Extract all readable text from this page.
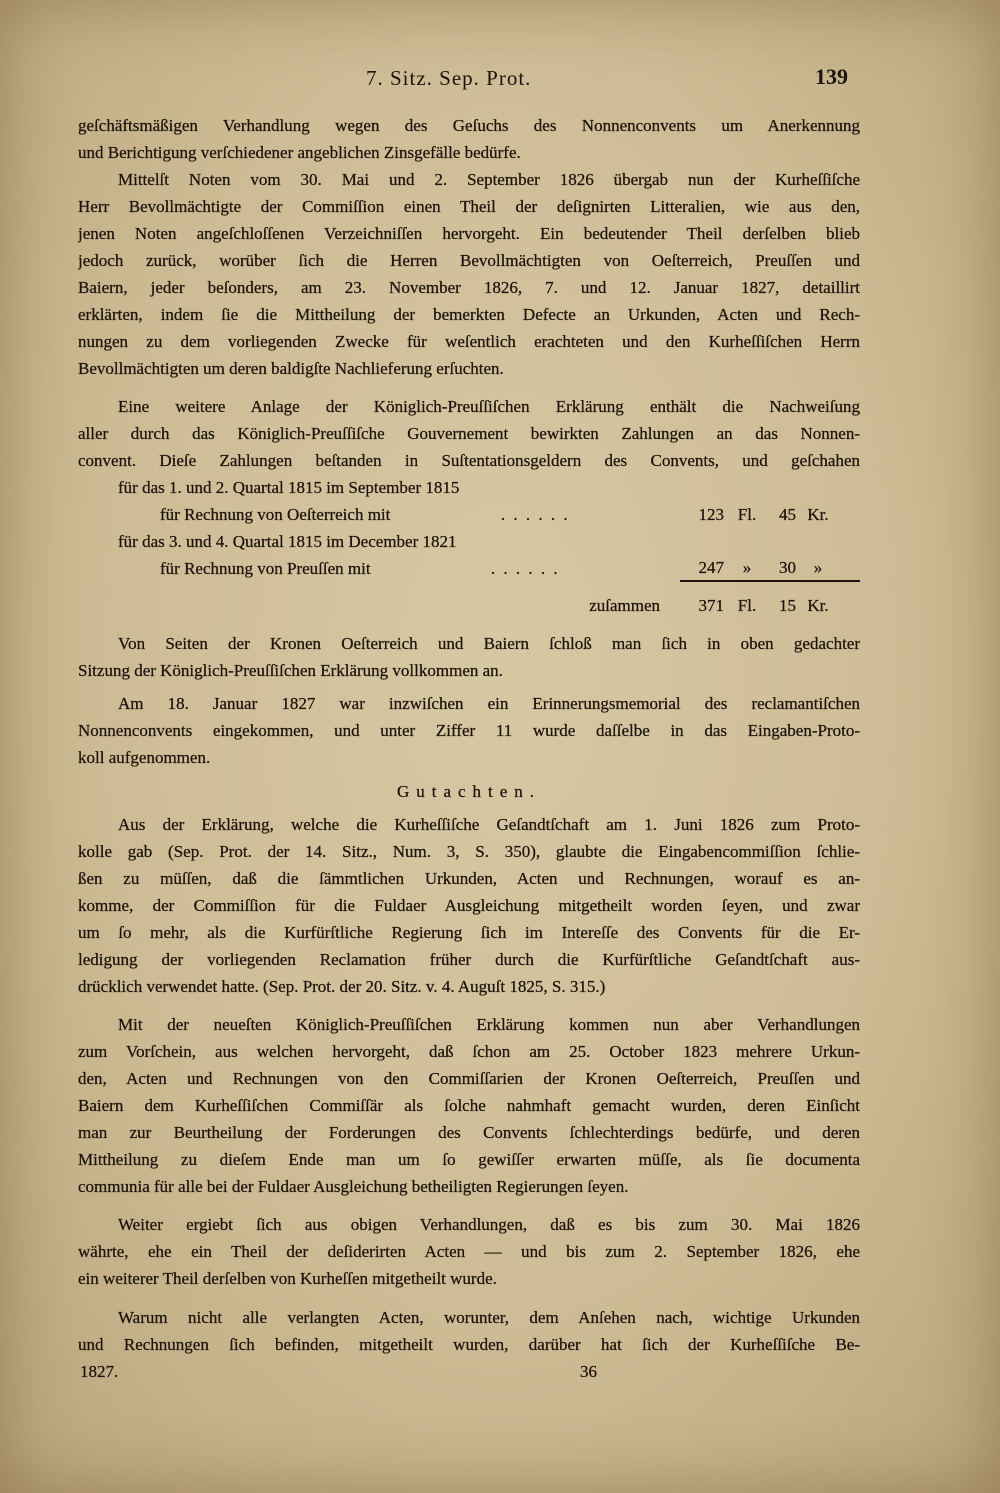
7. Sitz. Sep. Prot.	139
geſchäftsmäßigen Verhandlung wegen des Geſuchs des Nonnenconvents um Anerkennung
und Berichtigung verſchiedener angeblichen Zinsgefälle bedürfe.
Mittelſt Noten vom 30. Mai und 2. September 1826 übergab nun der Kurheſſiſche
Herr Bevollmächtigte der Commiſſion einen Theil der deſignirten Litteralien, wie aus den,
jenen Noten angeſchloſſenen Verzeichniſſen hervorgeht. Ein bedeutender Theil derſelben blieb
jedoch zurück, worüber ſich die Herren Bevollmächtigten von Oeſterreich, Preuſſen und
Baiern, jeder beſonders, am 23. November 1826, 7. und 12. Januar 1827, detaillirt
erklärten, indem ſie die Mittheilung der bemerkten Defecte an Urkunden, Acten und Rech-
nungen zu dem vorliegenden Zwecke für weſentlich erachteten und den Kurheſſiſchen Herrn
Bevollmächtigten um deren baldigſte Nachlieferung erſuchten.
Eine weitere Anlage der Königlich-Preuſſiſchen Erklärung enthält die Nachweiſung
aller durch das Königlich-Preuſſiſche Gouvernement bewirkten Zahlungen an das Nonnen-
convent. Dieſe Zahlungen beſtanden in Suſtentationsgeldern des Convents, und geſchahen
für das 1. und 2. Quartal 1815 im September 1815
für Rechnung von Oeſterreich mit	. . . . . .	123 Fl.	45 Kr.
für das 3. und 4. Quartal 1815 im December 1821
für Rechnung von Preuſſen mit	. . . . . .	247	»	30	»
zuſammen	371 Fl.	15 Kr.
Von Seiten der Kronen Oeſterreich und Baiern ſchloß man ſich in oben gedachter
Sitzung der Königlich-Preuſſiſchen Erklärung vollkommen an.
Am 18. Januar 1827 war inzwiſchen ein Erinnerungsmemorial des reclamantiſchen
Nonnenconvents eingekommen, und unter Ziffer 11 wurde daſſelbe in das Eingaben-Proto-
koll aufgenommen.
Gutachten.
Aus der Erklärung, welche die Kurheſſiſche Geſandtſchaft am 1. Juni 1826 zum Proto-
kolle gab (Sep. Prot. der 14. Sitz., Num. 3, S. 350), glaubte die Eingabencommiſſion ſchlie-
ßen zu müſſen, daß die ſämmtlichen Urkunden, Acten und Rechnungen, worauf es an-
komme, der Commiſſion für die Fuldaer Ausgleichung mitgetheilt worden ſeyen, und zwar
um ſo mehr, als die Kurfürſtliche Regierung ſich im Intereſſe des Convents für die Er-
ledigung der vorliegenden Reclamation früher durch die Kurfürſtliche Geſandtſchaft aus-
drücklich verwendet hatte. (Sep. Prot. der 20. Sitz. v. 4. Auguſt 1825, S. 315.)
Mit der neueſten Königlich-Preuſſiſchen Erklärung kommen nun aber Verhandlungen
zum Vorſchein, aus welchen hervorgeht, daß ſchon am 25. October 1823 mehrere Urkun-
den, Acten und Rechnungen von den Commiſſarien der Kronen Oeſterreich, Preuſſen und
Baiern dem Kurheſſiſchen Commiſſär als ſolche nahmhaft gemacht wurden, deren Einſicht
man zur Beurtheilung der Forderungen des Convents ſchlechterdings bedürfe, und deren
Mittheilung zu dieſem Ende man um ſo gewiſſer erwarten müſſe, als ſie documenta
communia für alle bei der Fuldaer Ausgleichung betheiligten Regierungen ſeyen.
Weiter ergiebt ſich aus obigen Verhandlungen, daß es bis zum 30. Mai 1826
währte, ehe ein Theil der deſiderirten Acten — und bis zum 2. September 1826, ehe
ein weiterer Theil derſelben von Kurheſſen mitgetheilt wurde.
Warum nicht alle verlangten Acten, worunter, dem Anſehen nach, wichtige Urkunden
und Rechnungen ſich befinden, mitgetheilt wurden, darüber hat ſich der Kurheſſiſche Be-
1827.	36
